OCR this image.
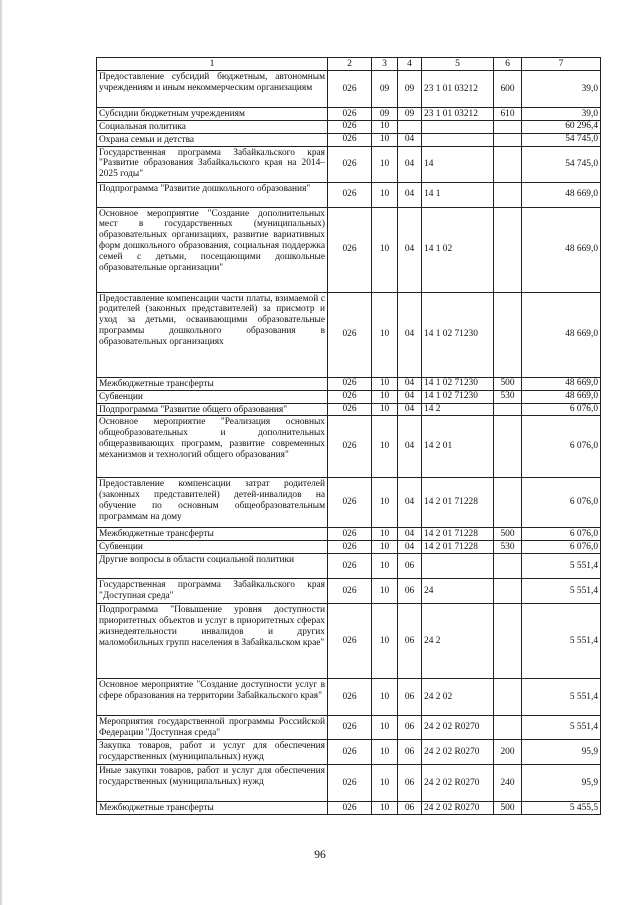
1	2	3	4	5	6	7
Предоставление субсидий бюджетным, автономным учреждениям и иным некоммерческим организациям	026	09	09	23 1 01 03212	600	39,0
Субсидии бюджетным учреждениям	026	09	09	23 1 01 03212	610	39,0
Социальная политика	026	10				60 296,4
Охрана семьи и детства	026	10	04			54 745,0
Государственная программа Забайкальского края "Развитие образования Забайкальского края на 2014–2025 годы"	026	10	04	14		54 745,0
Подпрограмма "Развитие дошкольного образования"	026	10	04	14 1		48 669,0
Основное мероприятие "Создание дополнительных мест в государственных (муниципальных) образовательных организациях, развитие вариативных форм дошкольного образования, социальная поддержка семей с детьми, посещающими дошкольные образовательные организации"	026	10	04	14 1 02		48 669,0
Предоставление компенсации части платы, взимаемой с родителей (законных представителей) за присмотр и уход за детьми, осваивающими образовательные программы дошкольного образования в образовательных организациях	026	10	04	14 1 02 71230		48 669,0
Межбюджетные трансферты	026	10	04	14 1 02 71230	500	48 669,0
Субвенции	026	10	04	14 1 02 71230	530	48 669,0
Подпрограмма "Развитие общего образования"	026	10	04	14 2		6 076,0
Основное мероприятие "Реализация основных общеобразовательных и дополнительных общеразвивающих программ, развитие современных механизмов и технологий общего образования"	026	10	04	14 2 01		6 076,0
Предоставление компенсации затрат родителей (законных представителей) детей-инвалидов на обучение по основным общеобразовательным программам на дому	026	10	04	14 2 01 71228		6 076,0
Межбюджетные трансферты	026	10	04	14 2 01 71228	500	6 076,0
Субвенции	026	10	04	14 2 01 71228	530	6 076,0
Другие вопросы в области социальной политики	026	10	06			5 551,4
Государственная программа Забайкальского края "Доступная среда"	026	10	06	24		5 551,4
Подпрограмма "Повышение уровня доступности приоритетных объектов и услуг в приоритетных сферах жизнедеятельности инвалидов и других маломобильных групп населения в Забайкальском крае"	026	10	06	24 2		5 551,4
Основное мероприятие "Создание доступности услуг в сфере образования на территории Забайкальского края"	026	10	06	24 2 02		5 551,4
Мероприятия государственной программы Российской Федерации "Доступная среда"	026	10	06	24 2 02 R0270		5 551,4
Закупка товаров, работ и услуг для обеспечения государственных (муниципальных) нужд	026	10	06	24 2 02 R0270	200	95,9
Иные закупки товаров, работ и услуг для обеспечения государственных (муниципальных) нужд	026	10	06	24 2 02 R0270	240	95,9
Межбюджетные трансферты	026	10	06	24 2 02 R0270	500	5 455,5
96
